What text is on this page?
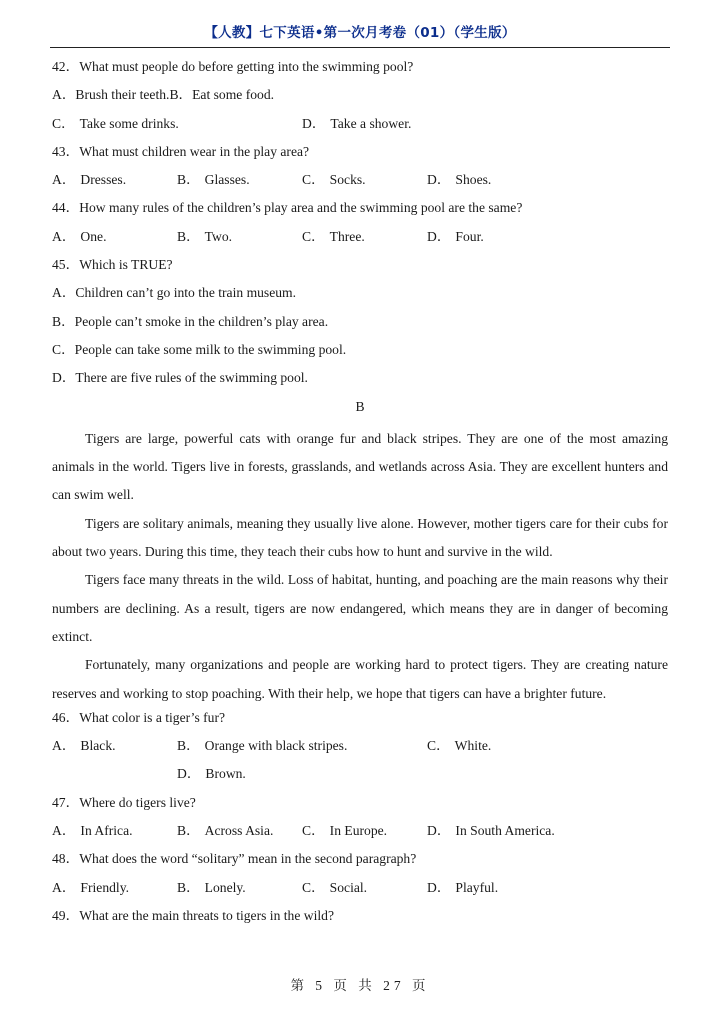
【人教】七下英语•第一次月考卷（01）（学生版）
42．What must people do before getting into the swimming pool?
A．Brush their teeth.B．Eat some food.
C． Take some drinks.	D． Take a shower.
43．What must children wear in the play area?
A． Dresses.	B． Glasses.	C． Socks.	D． Shoes.
44．How many rules of the children’s play area and the swimming pool are the same?
A． One.	B． Two.	C． Three.	D． Four.
45．Which is TRUE?
A．Children can’t go into the train museum.
B．People can’t smoke in the children’s play area.
C．People can take some milk to the swimming pool.
D．There are five rules of the swimming pool.
B

Tigers are large, powerful cats with orange fur and black stripes. They are one of the most amazing animals in the world. Tigers live in forests, grasslands, and wetlands across Asia. They are excellent hunters and can swim well.

Tigers are solitary animals, meaning they usually live alone. However, mother tigers care for their cubs for about two years. During this time, they teach their cubs how to hunt and survive in the wild.

Tigers face many threats in the wild. Loss of habitat, hunting, and poaching are the main reasons why their numbers are declining. As a result, tigers are now endangered, which means they are in danger of becoming extinct.

Fortunately, many organizations and people are working hard to protect tigers. They are creating nature reserves and working to stop poaching. With their help, we hope that tigers can have a brighter future.

46．What color is a tiger’s fur?
A． Black.	B． Orange with black stripes.	C． White.
D． Brown.
47．Where do tigers live?
A． In Africa.	B． Across Asia. C． In Europe.	D． In South America.
48．What does the word “solitary” mean in the second paragraph?
A． Friendly.	B． Lonely.	C． Social.	D． Playful.
49．What are the main threats to tigers in the wild?
第 5 页 共 27 页
